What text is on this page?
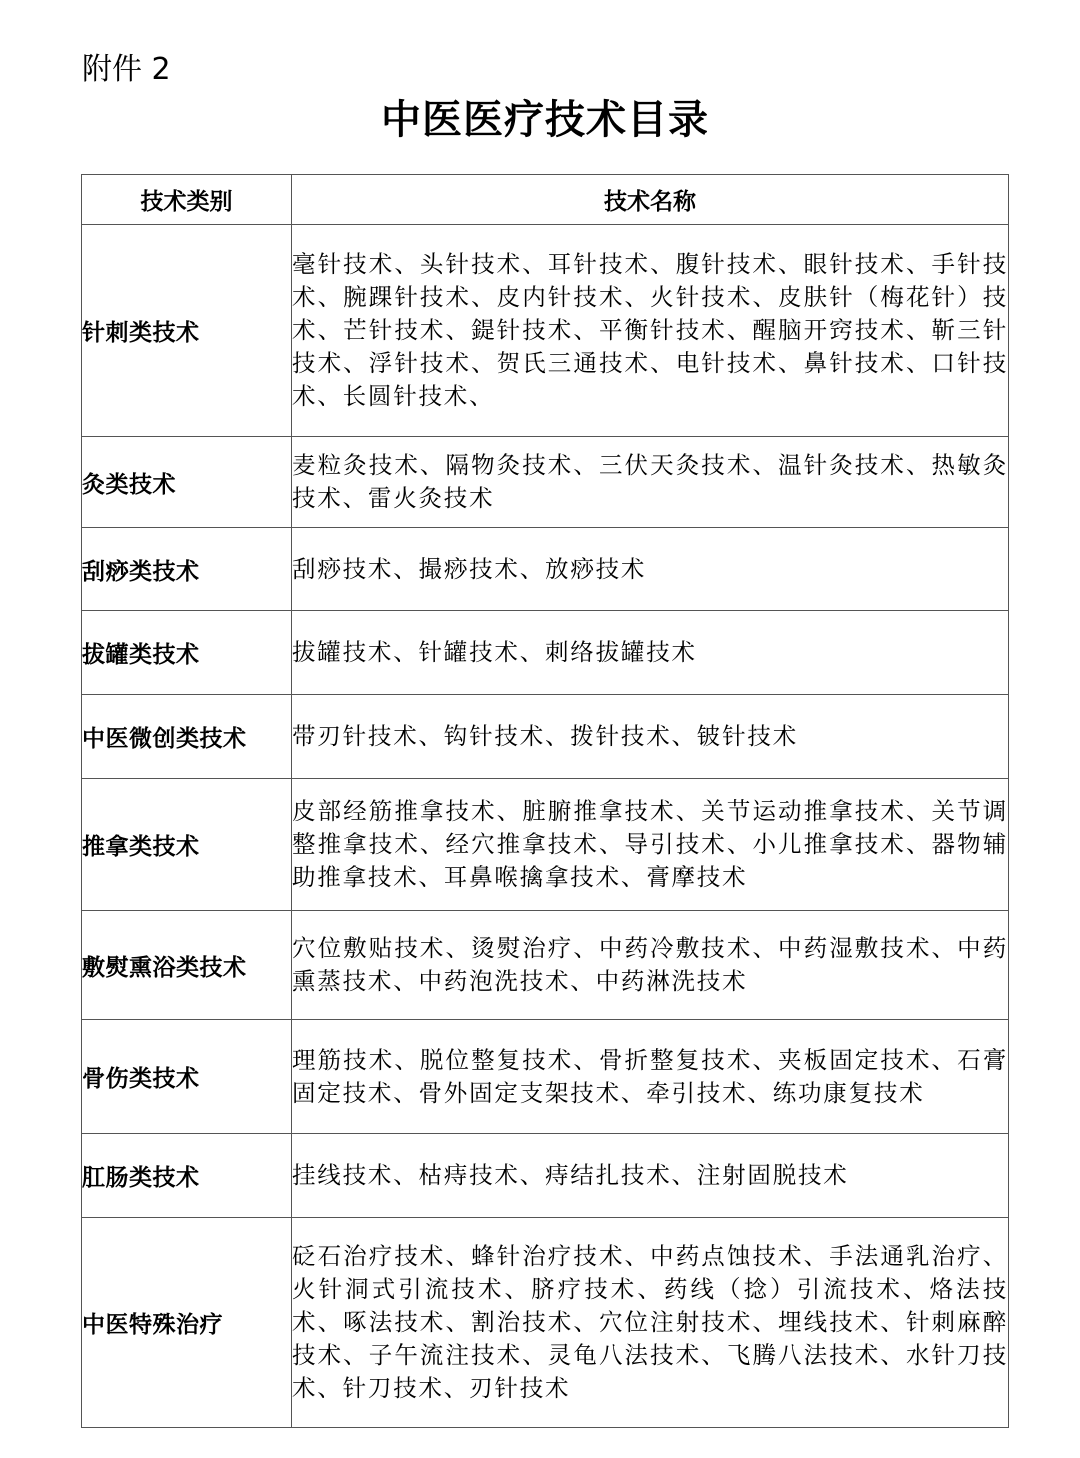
附件 2
中医医疗技术目录
技术类别	技术名称
针刺类技术	毫针技术、头针技术、耳针技术、腹针技术、眼针技术、手针技术、腕踝针技术、皮内针技术、火针技术、皮肤针（梅花针）技术、芒针技术、鍉针技术、平衡针技术、醒脑开窍技术、靳三针技术、浮针技术、贺氏三通技术、电针技术、鼻针技术、口针技术、长圆针技术、
灸类技术	麦粒灸技术、隔物灸技术、三伏天灸技术、温针灸技术、热敏灸技术、雷火灸技术
刮痧类技术	刮痧技术、撮痧技术、放痧技术
拔罐类技术	拔罐技术、针罐技术、刺络拔罐技术
中医微创类技术	带刃针技术、钩针技术、拨针技术、铍针技术
推拿类技术	皮部经筋推拿技术、脏腑推拿技术、关节运动推拿技术、关节调整推拿技术、经穴推拿技术、导引技术、小儿推拿技术、器物辅助推拿技术、耳鼻喉擒拿技术、膏摩技术
敷熨熏浴类技术	穴位敷贴技术、烫熨治疗、中药冷敷技术、中药湿敷技术、中药熏蒸技术、中药泡洗技术、中药淋洗技术
骨伤类技术	理筋技术、脱位整复技术、骨折整复技术、夹板固定技术、石膏固定技术、骨外固定支架技术、牵引技术、练功康复技术
肛肠类技术	挂线技术、枯痔技术、痔结扎技术、注射固脱技术
中医特殊治疗	砭石治疗技术、蜂针治疗技术、中药点蚀技术、手法通乳治疗、火针洞式引流技术、脐疗技术、药线（捻）引流技术、烙法技术、啄法技术、割治技术、穴位注射技术、埋线技术、针刺麻醉技术、子午流注技术、灵龟八法技术、飞腾八法技术、水针刀技术、针刀技术、刃针技术
